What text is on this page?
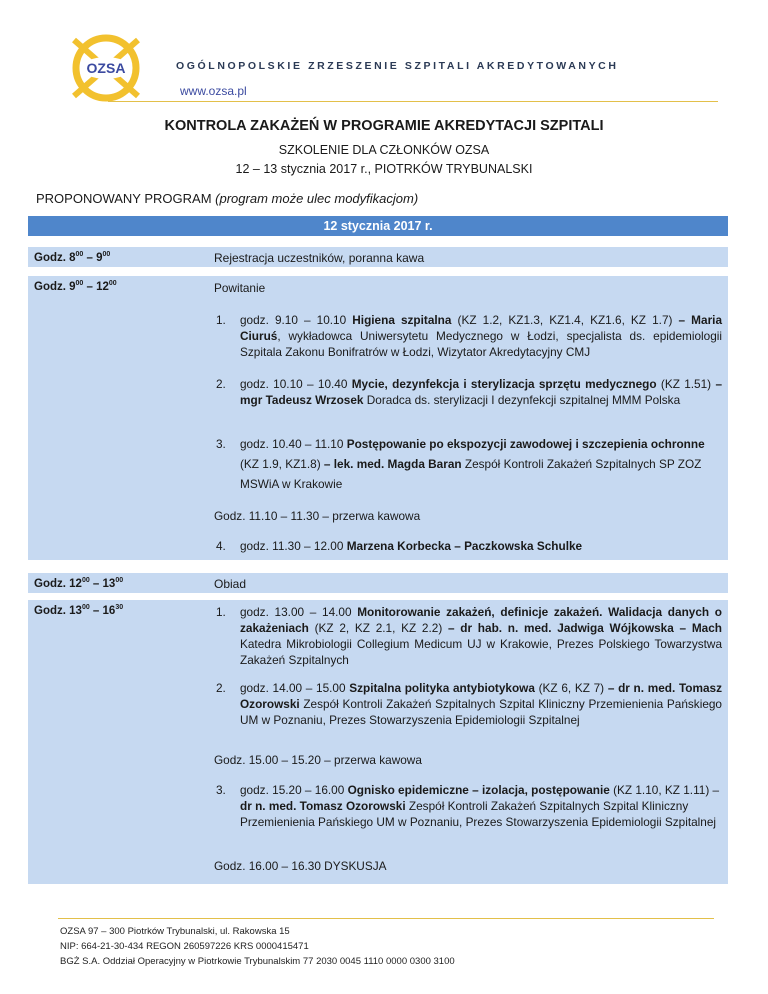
OZSA	OGÓLNOPOLSKIE ZRZESZENIE SZPITALI AKREDYTOWANYCH
www.ozsa.pl
KONTROLA ZAKAŻEŃ W PROGRAMIE AKREDYTACJI SZPITALI
SZKOLENIE DLA CZŁONKÓW OZSA
12 – 13 stycznia 2017 r., PIOTRKÓW TRYBUNALSKI
PROPONOWANY PROGRAM (program może ulec modyfikacjom)
12 stycznia 2017 r.
Godz. $8^{00} - 9^{00}$	Rejestracja uczestników, poranna kawa
Godz. $9^{00} - 12^{00}$	Powitanie
1. godz. 9.10 – 10.10 Higiena szpitalna (KZ 1.2, KZ1.3, KZ1.4, KZ1.6, KZ 1.7) – Maria Ciuruś, wykładowca Uniwersytetu Medycznego w Łodzi, specjalista ds. epidemiologii Szpitala Zakonu Bonifratrów w Łodzi, Wizytator Akredytacyjny CMJ
2. godz. 10.10 – 10.40 Mycie, dezynfekcja i sterylizacja sprzętu medycznego (KZ 1.51) – mgr Tadeusz Wrzosek Doradca ds. sterylizacji I dezynfekcji szpitalnej MMM Polska
3. godz. 10.40 – 11.10 Postępowanie po ekspozycji zawodowej i szczepienia ochronne (KZ 1.9, KZ1.8) – lek. med. Magda Baran Zespół Kontroli Zakażeń Szpitalnych SP ZOZ MSWiA w Krakowie
Godz. 11.10 – 11.30 – przerwa kawowa
4. godz. 11.30 – 12.00 Marzena Korbecka – Paczkowska Schulke
Godz. $12^{00} - 13^{00}$	Obiad
Godz. $13^{00} - 16^{30}$	1. godz. 13.00 – 14.00 Monitorowanie zakażeń, definicje zakażeń. Walidacja danych o zakażeniach (KZ 2, KZ 2.1, KZ 2.2) – dr hab. n. med. Jadwiga Wójkowska – Mach Katedra Mikrobiologii Collegium Medicum UJ w Krakowie, Prezes Polskiego Towarzystwa Zakażeń Szpitalnych
2. godz. 14.00 – 15.00 Szpitalna polityka antybiotykowa (KZ 6, KZ 7) – dr n. med. Tomasz Ozorowski Zespół Kontroli Zakażeń Szpitalnych Szpital Kliniczny Przemienienia Pańskiego UM w Poznaniu, Prezes Stowarzyszenia Epidemiologii Szpitalnej
Godz. 15.00 – 15.20 – przerwa kawowa
3. godz. 15.20 – 16.00 Ognisko epidemiczne – izolacja, postępowanie (KZ 1.10, KZ 1.11) – dr n. med. Tomasz Ozorowski Zespół Kontroli Zakażeń Szpitalnych Szpital Kliniczny Przemienienia Pańskiego UM w Poznaniu, Prezes Stowarzyszenia Epidemiologii Szpitalnej
Godz. 16.00 – 16.30 DYSKUSJA
OZSA 97 – 300 Piotrków Trybunalski, ul. Rakowska 15
NIP: 664-21-30-434 REGON 260597226 KRS 0000415471
BGŻ S.A. Oddział Operacyjny w Piotrkowie Trybunalskim 77 2030 0045 1110 0000 0300 3100
